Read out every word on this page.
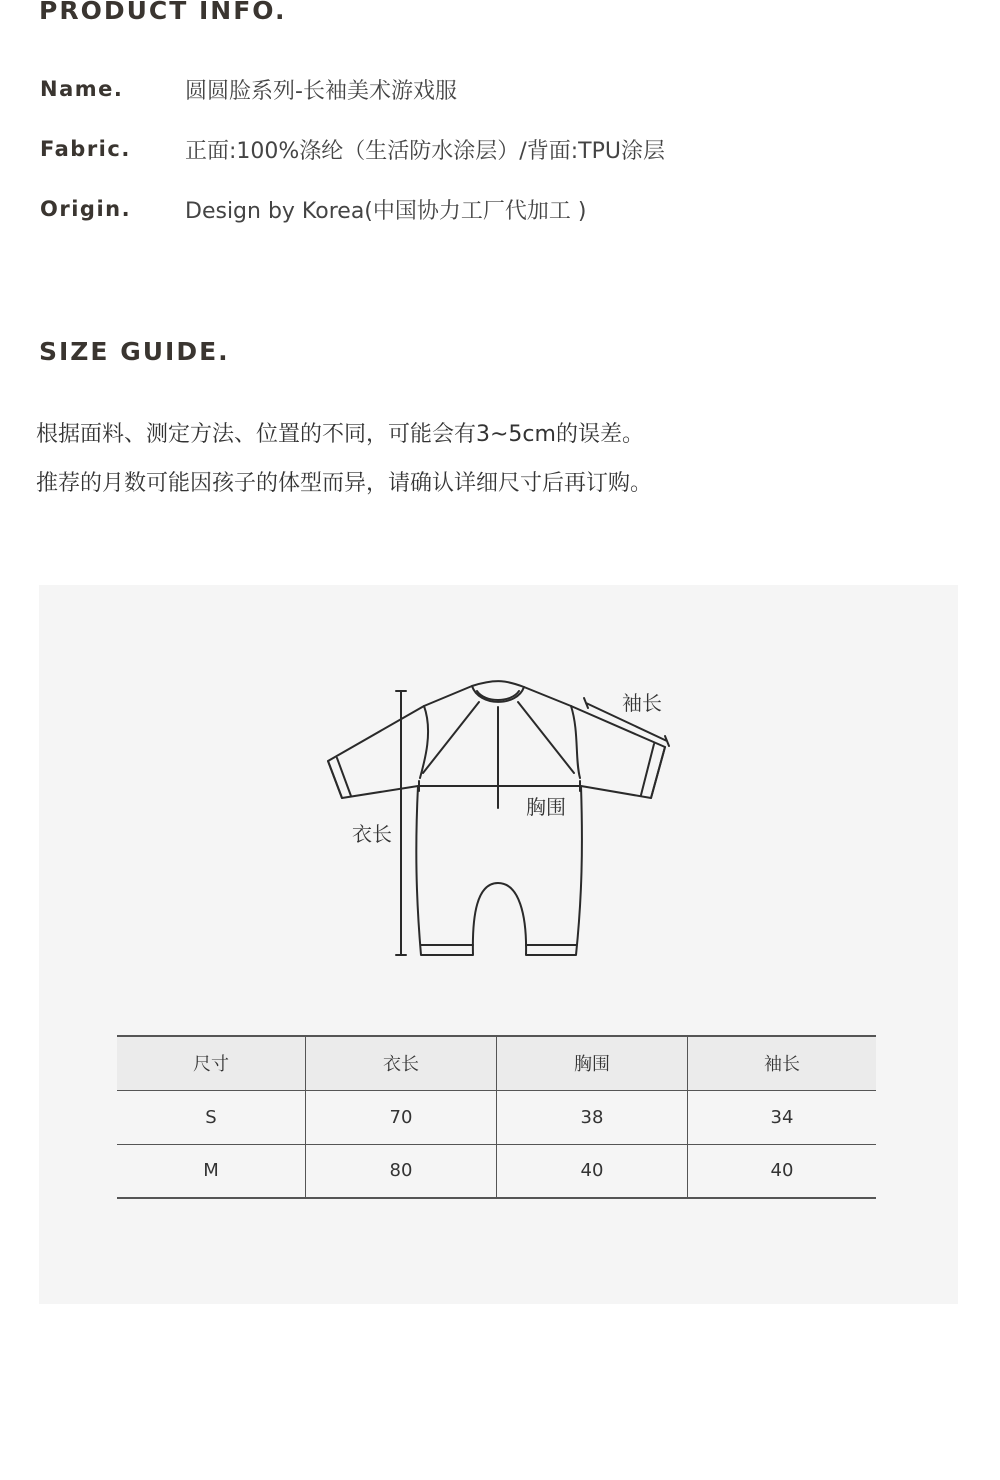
PRODUCT INFO.
Name.	圆圆脸系列-长袖美术游戏服
Fabric.	正面:100%涤纶（生活防水涂层）/背面:TPU涂层
Origin.	Design by Korea(中国协力工厂代加工 )
SIZE GUIDE.
根据面料、测定方法、位置的不同，可能会有3~5cm的误差。
推荐的月数可能因孩子的体型而异，请确认详细尺寸后再订购。
袖长
胸围
衣长
尺寸	衣长	胸围	袖长
S	70	38	34
M	80	40	40
